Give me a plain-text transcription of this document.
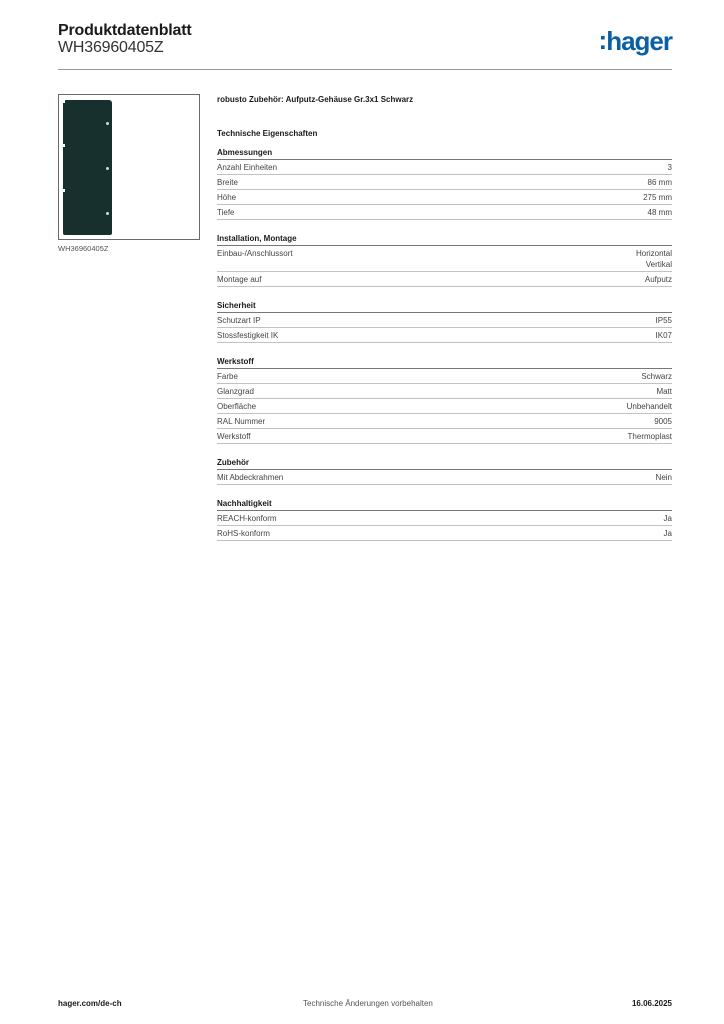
Produktdatenblatt
WH36960405Z	:hager
WH36960405Z
robusto Zubehör: Aufputz-Gehäuse Gr.3x1 Schwarz
Technische Eigenschaften
Abmessungen
Anzahl Einheiten	3
Breite	86 mm
Höhe	275 mm
Tiefe	48 mm
Installation, Montage
Einbau-/Anschlussort	Horizontal
Vertikal
Montage auf	Aufputz
Sicherheit
Schutzart IP	IP55
Stossfestigkeit IK	IK07
Werkstoff
Farbe	Schwarz
Glanzgrad	Matt
Oberfläche	Unbehandelt
RAL Nummer	9005
Werkstoff	Thermoplast
Zubehör
Mit Abdeckrahmen	Nein
Nachhaltigkeit
REACH-konform	Ja
RoHS-konform	Ja
hager.com/de-ch	Technische Änderungen vorbehalten	16.06.2025
